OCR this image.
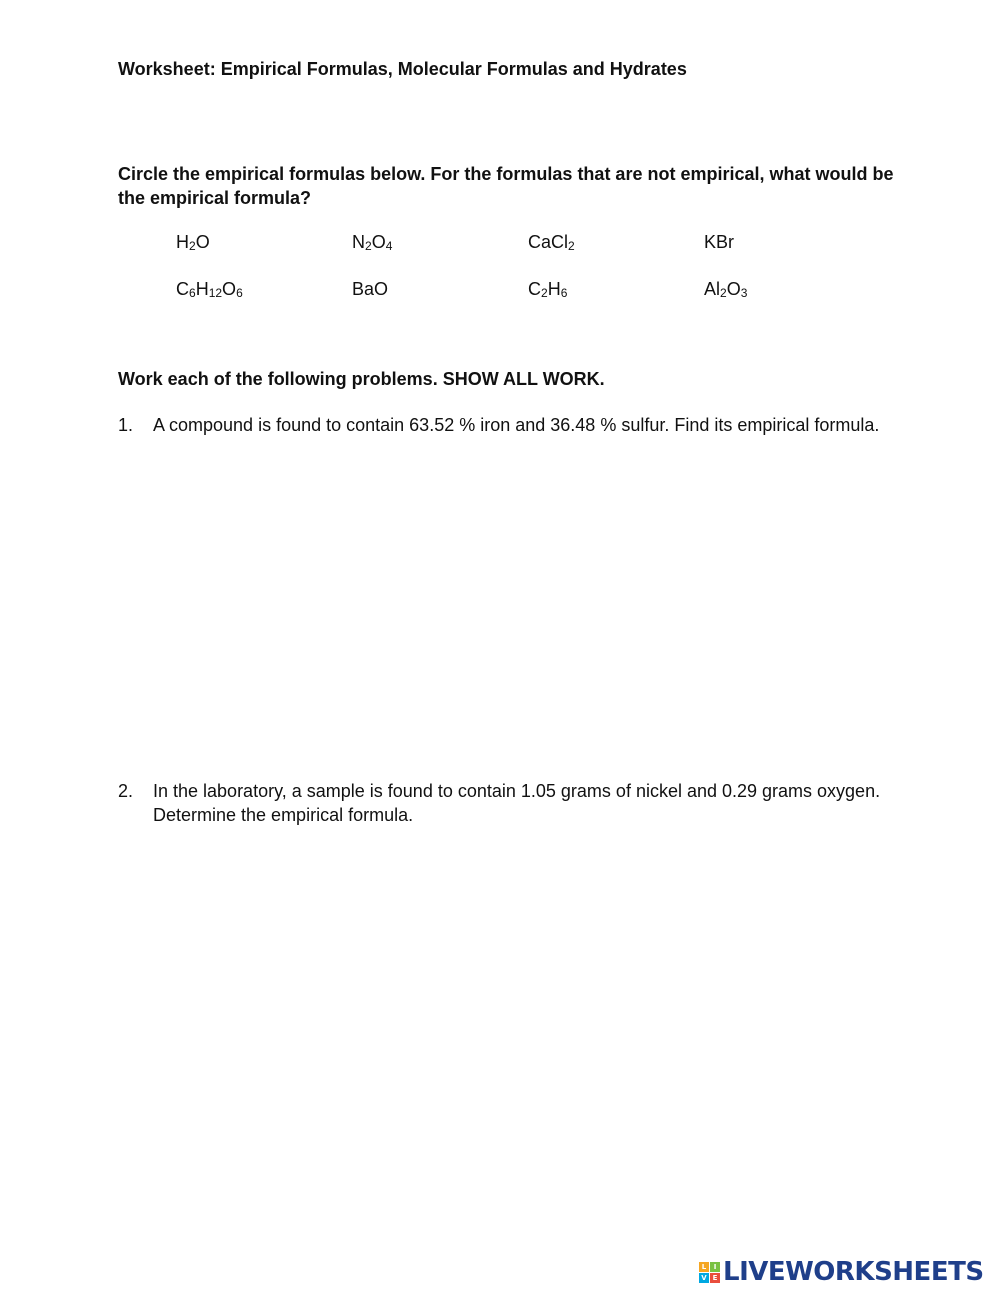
Worksheet: Empirical Formulas, Molecular Formulas and Hydrates
Circle the empirical formulas below. For the formulas that are not empirical, what would be the empirical formula?
$H_2O$	$N_2O_4$	CaCl$_2$	KBr
$C_6H_{12}O_6$	BaO	$C_2H_6$	$Al_2O_3$
Work each of the following problems. SHOW ALL WORK.
1. A compound is found to contain 63.52 % iron and 36.48 % sulfur. Find its empirical formula.
2. In the laboratory, a sample is found to contain 1.05 grams of nickel and 0.29 grams oxygen. Determine the empirical formula.
L	I
V E LIVEWORKSHEETS
